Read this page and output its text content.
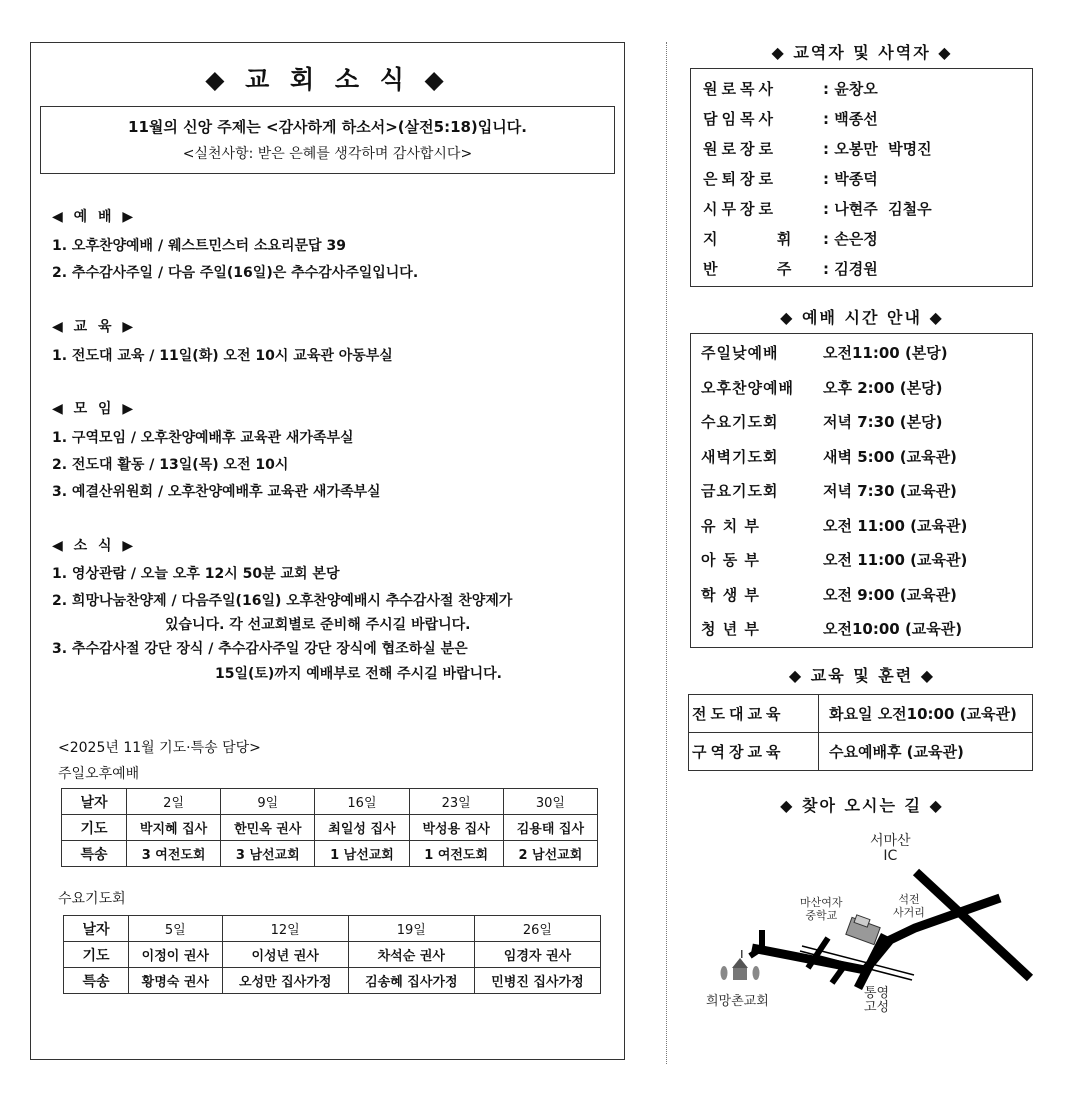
◆ 교 회 소 식 ◆
11월의 신앙 주제는 <감사하게 하소서>(살전5:18)입니다.
<실천사항: 받은 은혜를 생각하며 감사합시다>
◀ 예 배 ▶
1. 오후찬양예배 / 웨스트민스터 소요리문답 39
2. 추수감사주일 / 다음 주일(16일)은 추수감사주일입니다.
◀ 교 육 ▶
1. 전도대 교육 / 11일(화) 오전 10시 교육관 아동부실
◀ 모 임 ▶
1. 구역모임 / 오후찬양예배후 교육관 새가족부실
2. 전도대 활동 / 13일(목) 오전 10시
3. 예결산위원회 / 오후찬양예배후 교육관 새가족부실
◀ 소 식 ▶
1. 영상관람 / 오늘 오후 12시 50분 교회 본당
2. 희망나눔찬양제 / 다음주일(16일) 오후찬양예배시 추수감사절 찬양제가
있습니다. 각 선교회별로 준비해 주시길 바랍니다.
3. 추수감사절 강단 장식 / 추수감사주일 강단 장식에 협조하실 분은
15일(토)까지 예배부로 전해 주시길 바랍니다.
<2025년 11월 기도·특송 담당>
주일오후예배
날자	2일	9일	16일	23일	30일
기도	박지혜 집사	한민옥 권사	최일성 집사	박성용 집사	김용태 집사
특송	3 여전도회	3 남선교회	1 남선교회	1 여전도회	2 남선교회
수요기도회
날자	5일	12일	19일	26일
기도	이정이 권사	이성년 권사	차석순 권사	임경자 권사
특송	황명숙 권사	오성만 집사가정	김송혜 집사가정	민병진 집사가정
◆ 교역자 및 사역자 ◆
원로목사	: 윤창오
담임목사	: 백종선
원로장로	: 오봉만  박명진
은퇴장로	: 박종덕
시무장로	: 나현주  김철우
지      휘 : 손은정
반      주 : 김경원
◆ 예배 시간 안내 ◆
주일낮예배	오전11:00 (본당)
오후찬양예배 오후 2:00 (본당)
수요기도회	저녁 7:30 (본당)
새벽기도회	새벽 5:00 (교육관)
금요기도회	저녁 7:30 (교육관)
유 치 부	오전 11:00 (교육관)
아 동 부	오전 11:00 (교육관)
학 생 부	오전 9:00 (교육관)
청 년 부	오전10:00 (교육관)
◆ 교육 및 훈련 ◆
전도대교육	화요일 오전10:00 (교육관)
구역장교육	수요예배후 (교육관)
◆ 찾아 오시는 길 ◆
서마산
IC
마산여자
중학교
석전
사거리
희망촌교회
통영
고성
